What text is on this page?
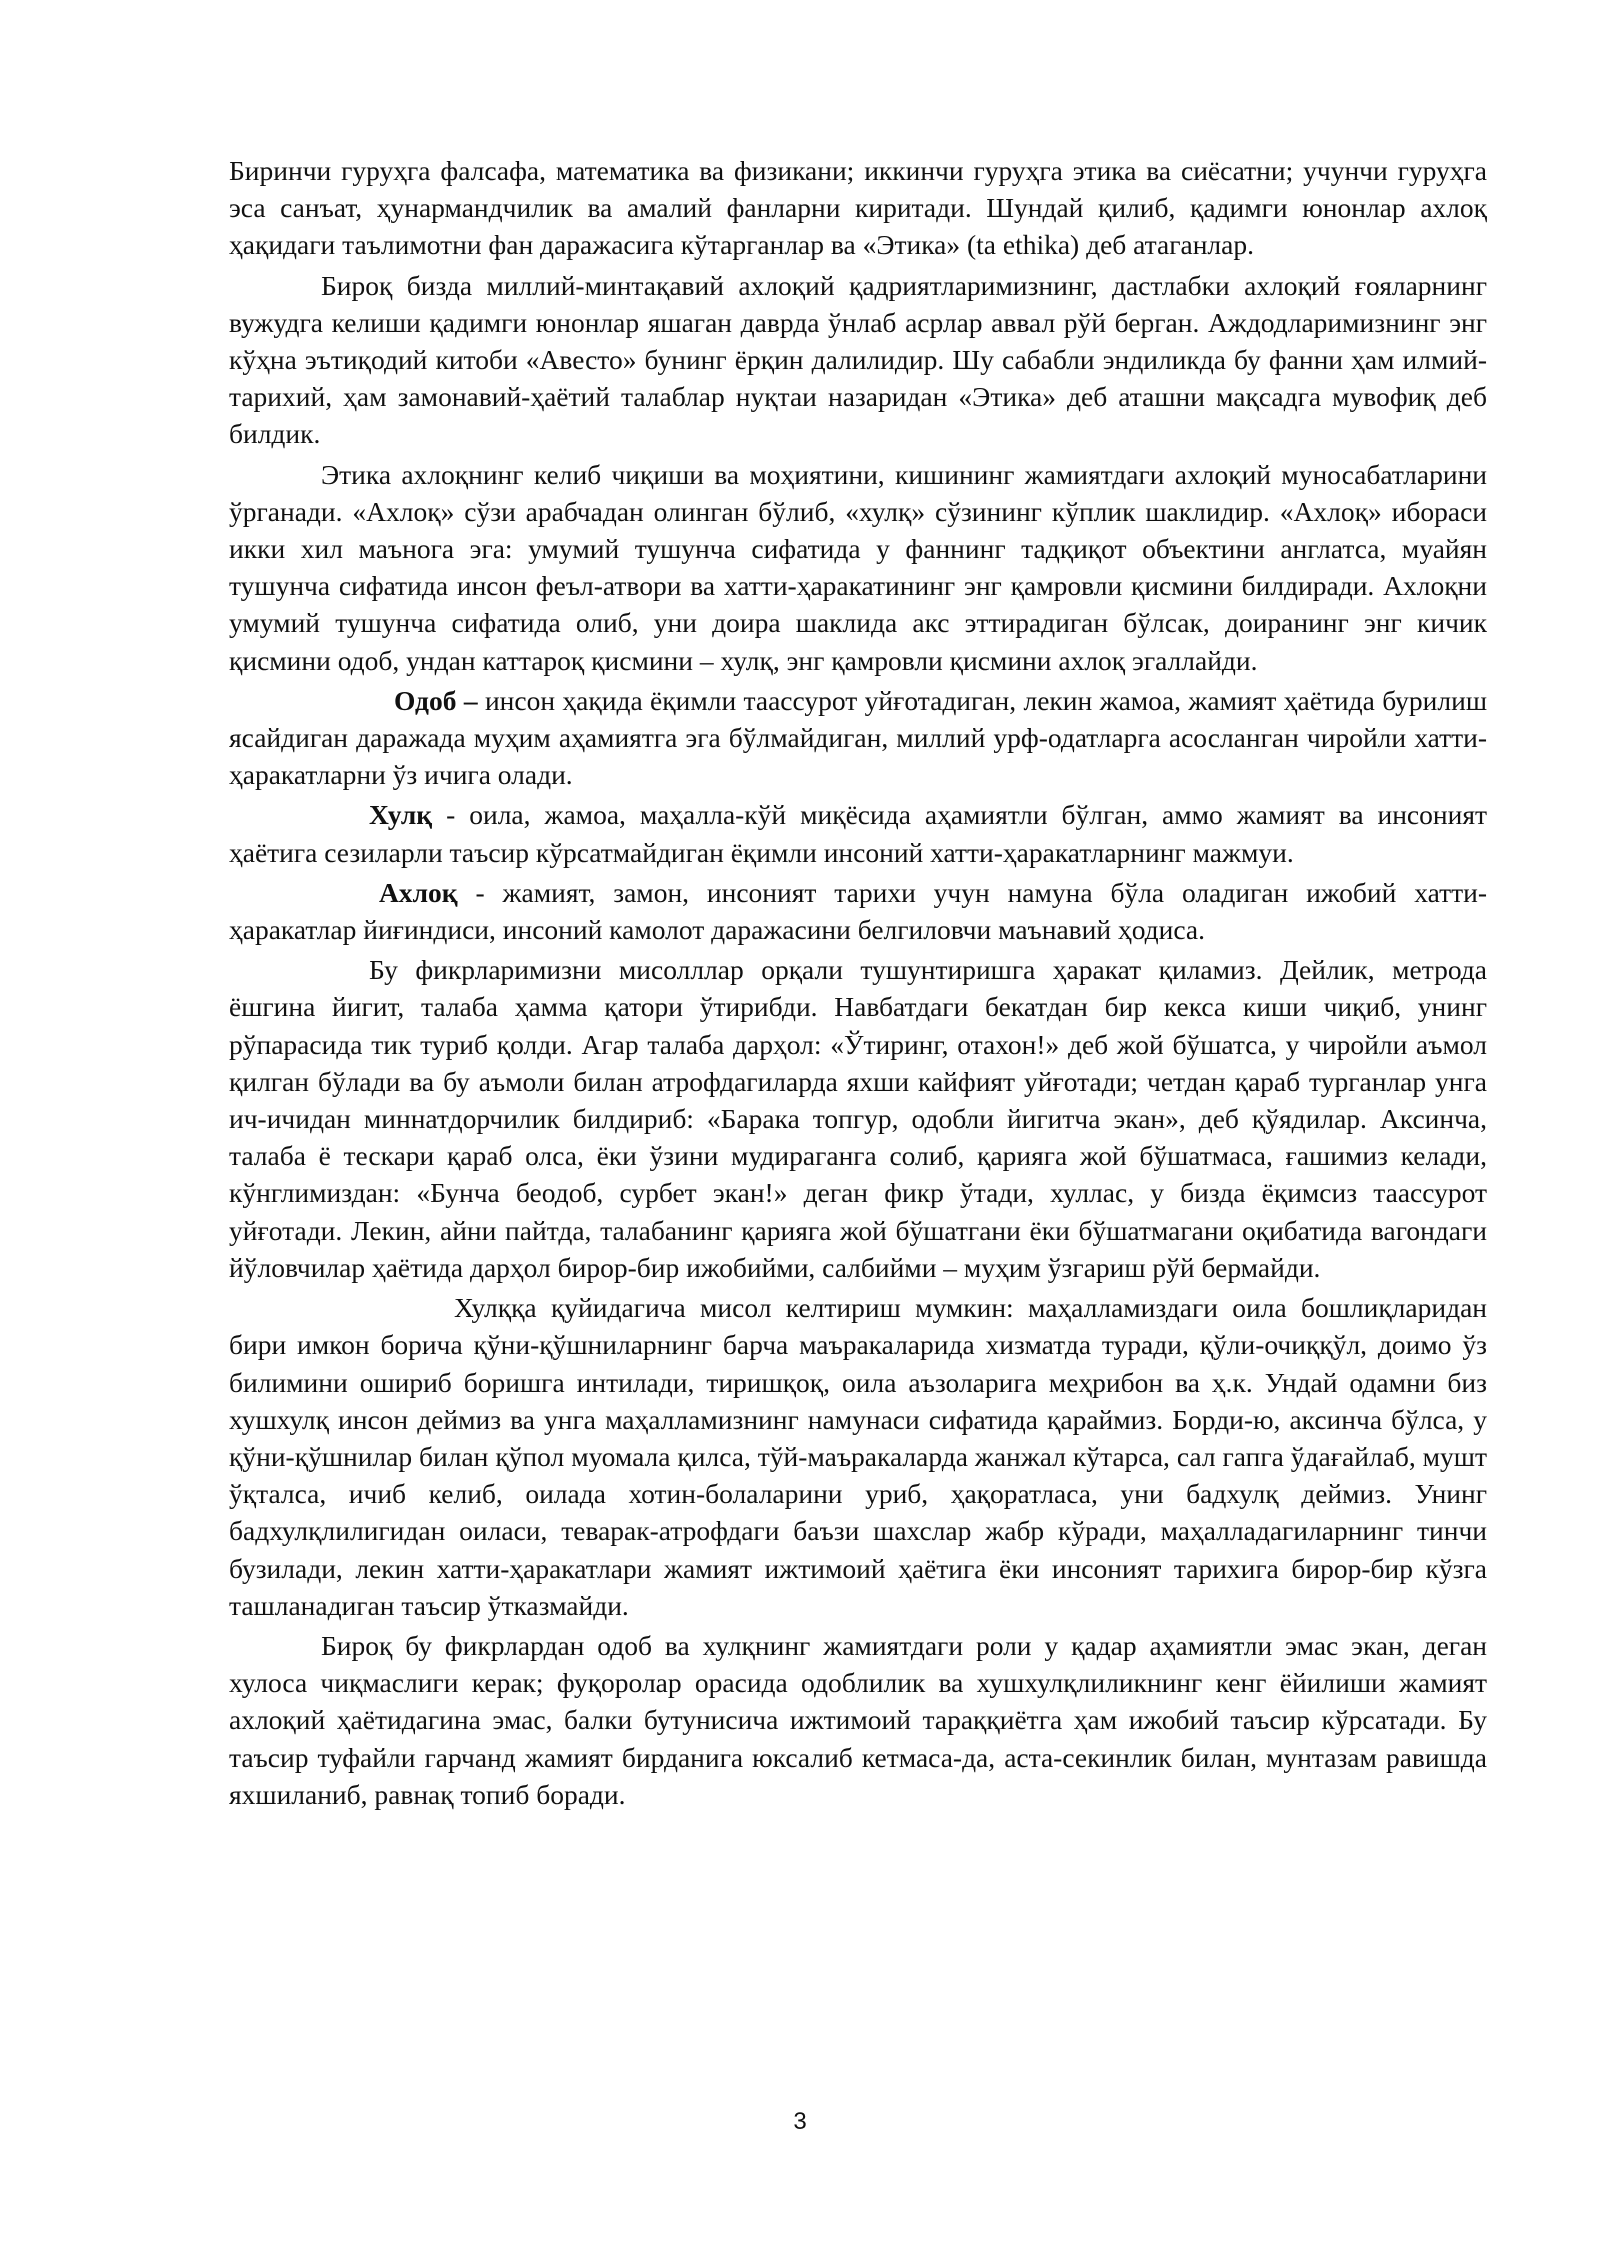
Биринчи гуруҳга фалсафа, математика ва физикани; иккинчи гуруҳга этика ва сиёсатни; учунчи гуруҳга эса санъат, ҳунармандчилик ва амалий фанларни киритади. Шундай қилиб, қадимги юнонлар ахлоқ ҳақидаги таълимотни фан даражасига кўтарганлар ва «Этика» (ta ethika) деб атаганлар.

Бироқ бизда миллий-минтақавий ахлоқий қадриятларимизнинг, дастлабки ахлоқий ғояларнинг вужудга келиши қадимги юнонлар яшаган даврда ўнлаб асрлар аввал рўй берган. Аждодларимизнинг энг кўҳна эътиқодий китоби «Авесто» бунинг ёрқин далилидир. Шу сабабли эндиликда бу фанни ҳам илмий-тарихий, ҳам замонавий-ҳаётий талаблар нуқтаи назаридан «Этика» деб аташни мақсадга мувофиқ деб билдик.

Этика ахлоқнинг келиб чиқиши ва моҳиятини, кишининг жамиятдаги ахлоқий муносабатларини ўрганади. «Ахлоқ» сўзи арабчадан олинган бўлиб, «хулқ» сўзининг кўплик шаклидир. «Ахлоқ» ибораси икки хил маънога эга: умумий тушунча сифатида у фаннинг тадқиқот объектини англатса, муайян тушунча сифатида инсон феъл-атвори ва хатти-ҳаракатининг энг қамровли қисмини билдиради. Ахлоқни умумий тушунча сифатида олиб, уни доира шаклида акс эттирадиган бўлсак, доиранинг энг кичик қисмини одоб, ундан каттароқ қисмини – хулқ, энг қамровли қисмини ахлоқ эгаллайди.

Одоб – инсон ҳақида ёқимли таассурот уйғотадиган, лекин жамоа, жамият ҳаётида бурилиш ясайдиган даражада муҳим аҳамиятга эга бўлмайдиган, миллий урф-одатларга асосланган чиройли хатти-ҳаракатларни ўз ичига олади.

Хулқ - оила, жамоа, маҳалла-кўй миқёсида аҳамиятли бўлган, аммо жамият ва инсоният ҳаётига сезиларли таъсир кўрсатмайдиган ёқимли инсоний хатти-ҳаракатларнинг мажмуи.

Ахлоқ - жамият, замон, инсоният тарихи учун намуна бўла оладиган ижобий хатти-ҳаракатлар йиғиндиси, инсоний камолот даражасини белгиловчи маънавий ҳодиса.

Бу фикрларимизни мисолллар орқали тушунтиришга ҳаракат қиламиз. Дейлик, метрода ёшгина йигит, талаба ҳамма қатори ўтирибди. Навбатдаги бекатдан бир кекса киши чиқиб, унинг рўпарасида тик туриб қолди. Агар талаба дарҳол: «Ўтиринг, отахон!» деб жой бўшатса, у чиройли аъмол қилган бўлади ва бу аъмоли билан атрофдагиларда яхши кайфият уйғотади; четдан қараб турганлар унга ич-ичидан миннатдорчилик билдириб: «Барака топгур, одобли йигитча экан», деб қўядилар. Аксинча, талаба ё тескари қараб олса, ёки ўзини мудираганга солиб, қарияга жой бўшатмаса, ғашимиз келади, кўнглимиздан: «Бунча беодоб, сурбет экан!» деган фикр ўтади, хуллас, у бизда ёқимсиз таассурот уйғотади. Лекин, айни пайтда, талабанинг қарияга жой бўшатгани ёки бўшатмагани оқибатида вагондаги йўловчилар ҳаётида дарҳол бирор-бир ижобийми, салбийми – муҳим ўзгариш рўй бермайди.

Хулққа қуйидагича мисол келтириш мумкин: маҳалламиздаги оила бошлиқларидан бири имкон борича қўни-қўшниларнинг барча маъракаларида хизматда туради, қўли-очиққўл, доимо ўз билимини ошириб боришга интилади, тиришқоқ, оила аъзоларига меҳрибон ва ҳ.к. Ундай одамни биз хушхулқ инсон деймиз ва унга маҳалламизнинг намунаси сифатида қараймиз. Борди-ю, аксинча бўлса, у қўни-қўшнилар билан қўпол муомала қилса, тўй-маъракаларда жанжал кўтарса, сал гапга ўдағайлаб, мушт ўқталса, ичиб келиб, оилада хотин-болаларини уриб, ҳақоратласа, уни бадхулқ деймиз. Унинг бадхулқлилигидан оиласи, теварак-атрофдаги баъзи шахслар жабр кўради, маҳалладагиларнинг тинчи бузилади, лекин хатти-ҳаракатлари жамият ижтимоий ҳаётига ёки инсоният тарихига бирор-бир кўзга ташланадиган таъсир ўтказмайди.

Бироқ бу фикрлардан одоб ва хулқнинг жамиятдаги роли у қадар аҳамиятли эмас экан, деган хулоса чиқмаслиги керак; фуқоролар орасида одоблилик ва хушхулқлиликнинг кенг ёйилиши жамият ахлоқий ҳаётидагина эмас, балки бутунисича ижтимоий тараққиётга ҳам ижобий таъсир кўрсатади. Бу таъсир туфайли гарчанд жамият бирданига юксалиб кетмаса-да, аста-секинлик билан, мунтазам равишда яхшиланиб, равнақ топиб боради.

3
